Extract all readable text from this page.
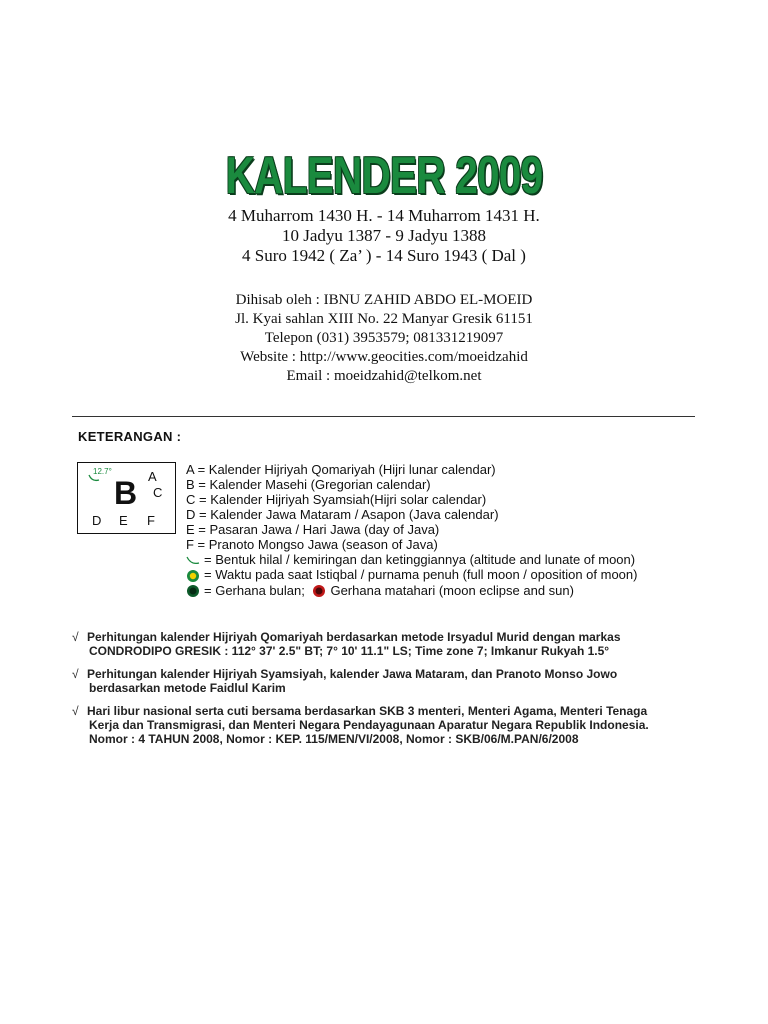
KALENDER 2009
4 Muharrom 1430 H. - 14 Muharrom 1431 H.
10 Jadyu 1387 - 9 Jadyu 1388
4 Suro 1942 ( Za’ ) - 14 Suro 1943 ( Dal )
Dihisab oleh : IBNU ZAHID ABDO EL-MOEID
Jl. Kyai sahlan XIII No. 22 Manyar Gresik 61151
Telepon (031) 3953579; 081331219097
Website : http://www.geocities.com/moeidzahid
Email : moeidzahid@telkom.net
KETERANGAN :
12.7°
B A
C
D E F
A = Kalender Hijriyah Qomariyah (Hijri lunar calendar)
B = Kalender Masehi (Gregorian calendar)
C = Kalender Hijriyah Syamsiah(Hijri solar calendar)
D = Kalender Jawa Mataram / Asapon (Java calendar)
E = Pasaran Jawa / Hari Jawa (day of Java)
F = Pranoto Mongso Jawa (season of Java)
= Bentuk hilal / kemiringan dan ketinggiannya (altitude and lunate of moon)
= Waktu pada saat Istiqbal / purnama penuh (full moon / oposition of moon)
= Gerhana bulan; Gerhana matahari (moon eclipse and sun)
√ Perhitungan kalender Hijriyah Qomariyah berdasarkan metode Irsyadul Murid dengan markas
CONDRODIPO GRESIK : 112° 37' 2.5" BT; 7° 10' 11.1" LS; Time zone 7; Imkanur Rukyah 1.5°
√ Perhitungan kalender Hijriyah Syamsiyah, kalender Jawa Mataram, dan Pranoto Monso Jowo
berdasarkan metode Faidlul Karim
√ Hari libur nasional serta cuti bersama berdasarkan SKB 3 menteri, Menteri Agama, Menteri Tenaga
Kerja dan Transmigrasi, dan Menteri Negara Pendayagunaan Aparatur Negara Republik Indonesia.
Nomor : 4 TAHUN 2008, Nomor : KEP. 115/MEN/VI/2008, Nomor : SKB/06/M.PAN/6/2008
